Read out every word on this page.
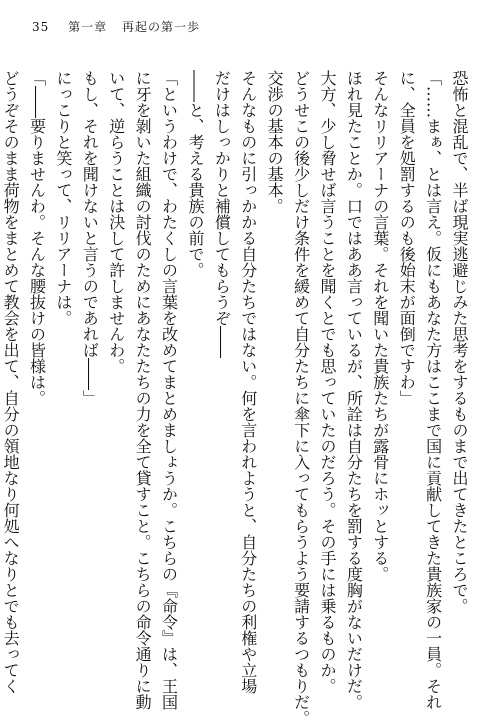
35 第一章 再起の第一歩
恐怖と混乱で、半ば現実逃避じみた思考をするものまで出てきたところで。
「……まぁ、とは言え。仮にもあなた方はここまで国に貢献してきた貴族家の一員。それ
に、全員を処罰するのも後始末が面倒ですわ」
そんなリリアーナの言葉。それを聞いた貴族たちが露骨にホッとする。
ほれ見たことか。口ではああ言っているが、所詮は自分たちを罰する度胸がないだけだ。
大方、少し脅せば言うことを聞くとでも思っていたのだろう。その手には乗るものか。
どうせこの後少しだけ条件を緩めて自分たちに傘下に入ってもらうよう要請するつもりだ。
交渉の基本の基本。
そんなものに引っかかる自分たちではない。何を言われようと、自分たちの利権や立場
だけはしっかりと補償してもらうぞ――
――と、考える貴族の前で。
「というわけで、わたくしの言葉を改めてまとめましょうか。こちらの『命令』は、王国
に牙を剝いた組織の討伐のためにあなたたちの力を全て貸すこと。こちらの命令通りに動
いて、逆らうことは決して許しませんわ。
もし、それを聞けないと言うのであれば――」
にっこりと笑って、リリアーナは。
「――要りませんわ。そんな腰抜けの皆様は。
どうぞそのまま荷物をまとめて教会を出て、自分の領地なり何処へなりとでも去ってく
